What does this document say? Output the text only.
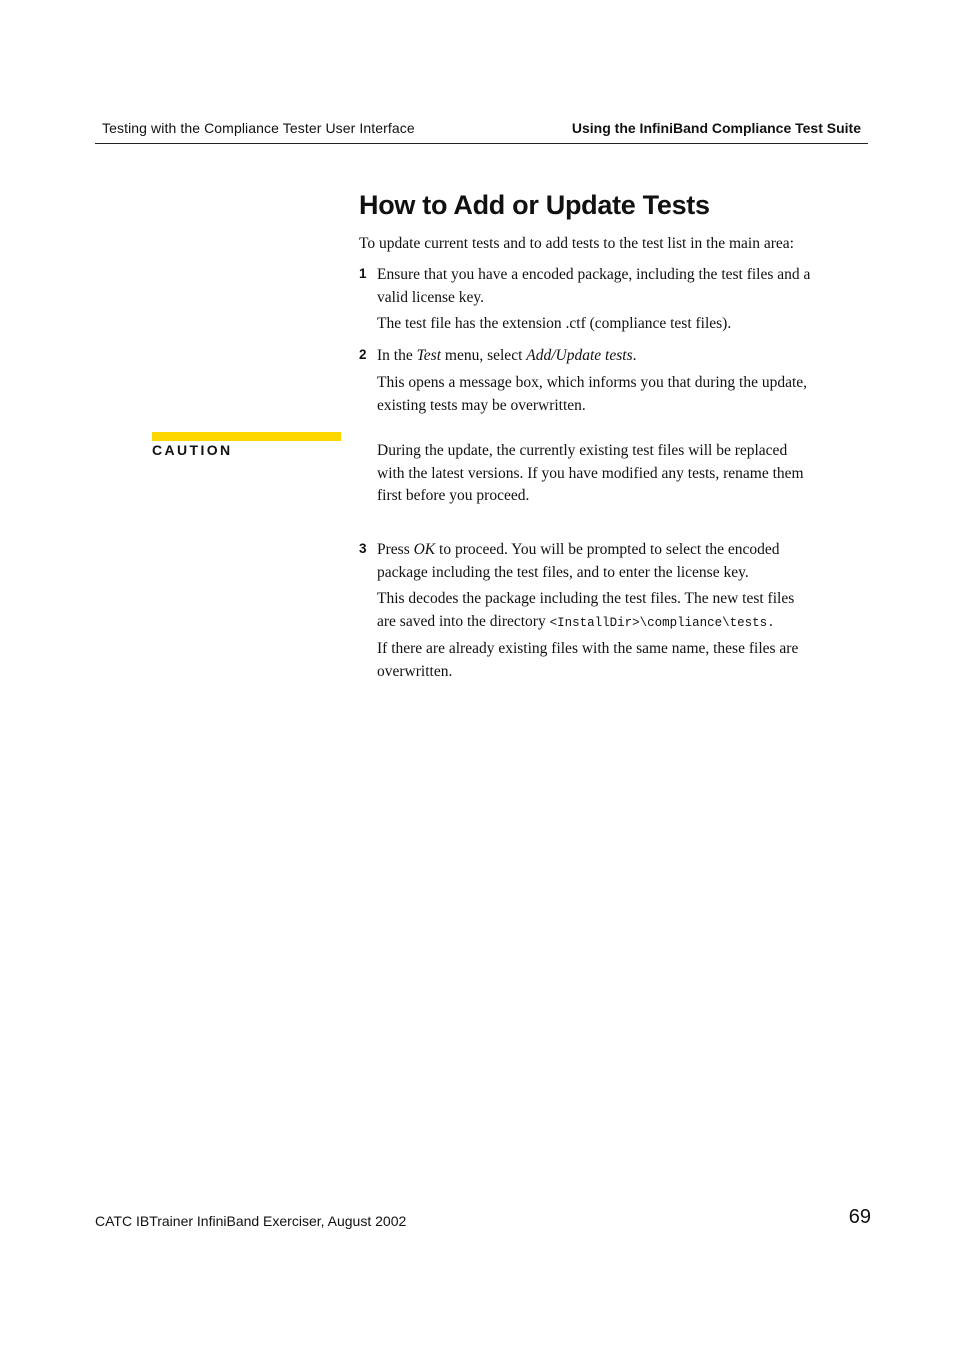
Testing with the Compliance Tester User Interface	Using the InfiniBand Compliance Test Suite
How to Add or Update Tests

To update current tests and to add tests to the test list in the main area:

1 Ensure that you have a encoded package, including the test files and a
valid license key.

The test file has the extension .ctf (compliance test files).

2 In the Test menu, select Add/Update tests.

This opens a message box, which informs you that during the update,
existing tests may be overwritten.

CAUTION	During the update, the currently existing test files will be replaced
with the latest versions. If you have modified any tests, rename them
first before you proceed.

3 Press OK to proceed. You will be prompted to select the encoded
package including the test files, and to enter the license key.

This decodes the package including the test files. The new test files
are saved into the directory <InstallDir>\compliance\tests.

If there are already existing files with the same name, these files are
overwritten.

CATC IBTrainer InfiniBand Exerciser, August 2002	69
